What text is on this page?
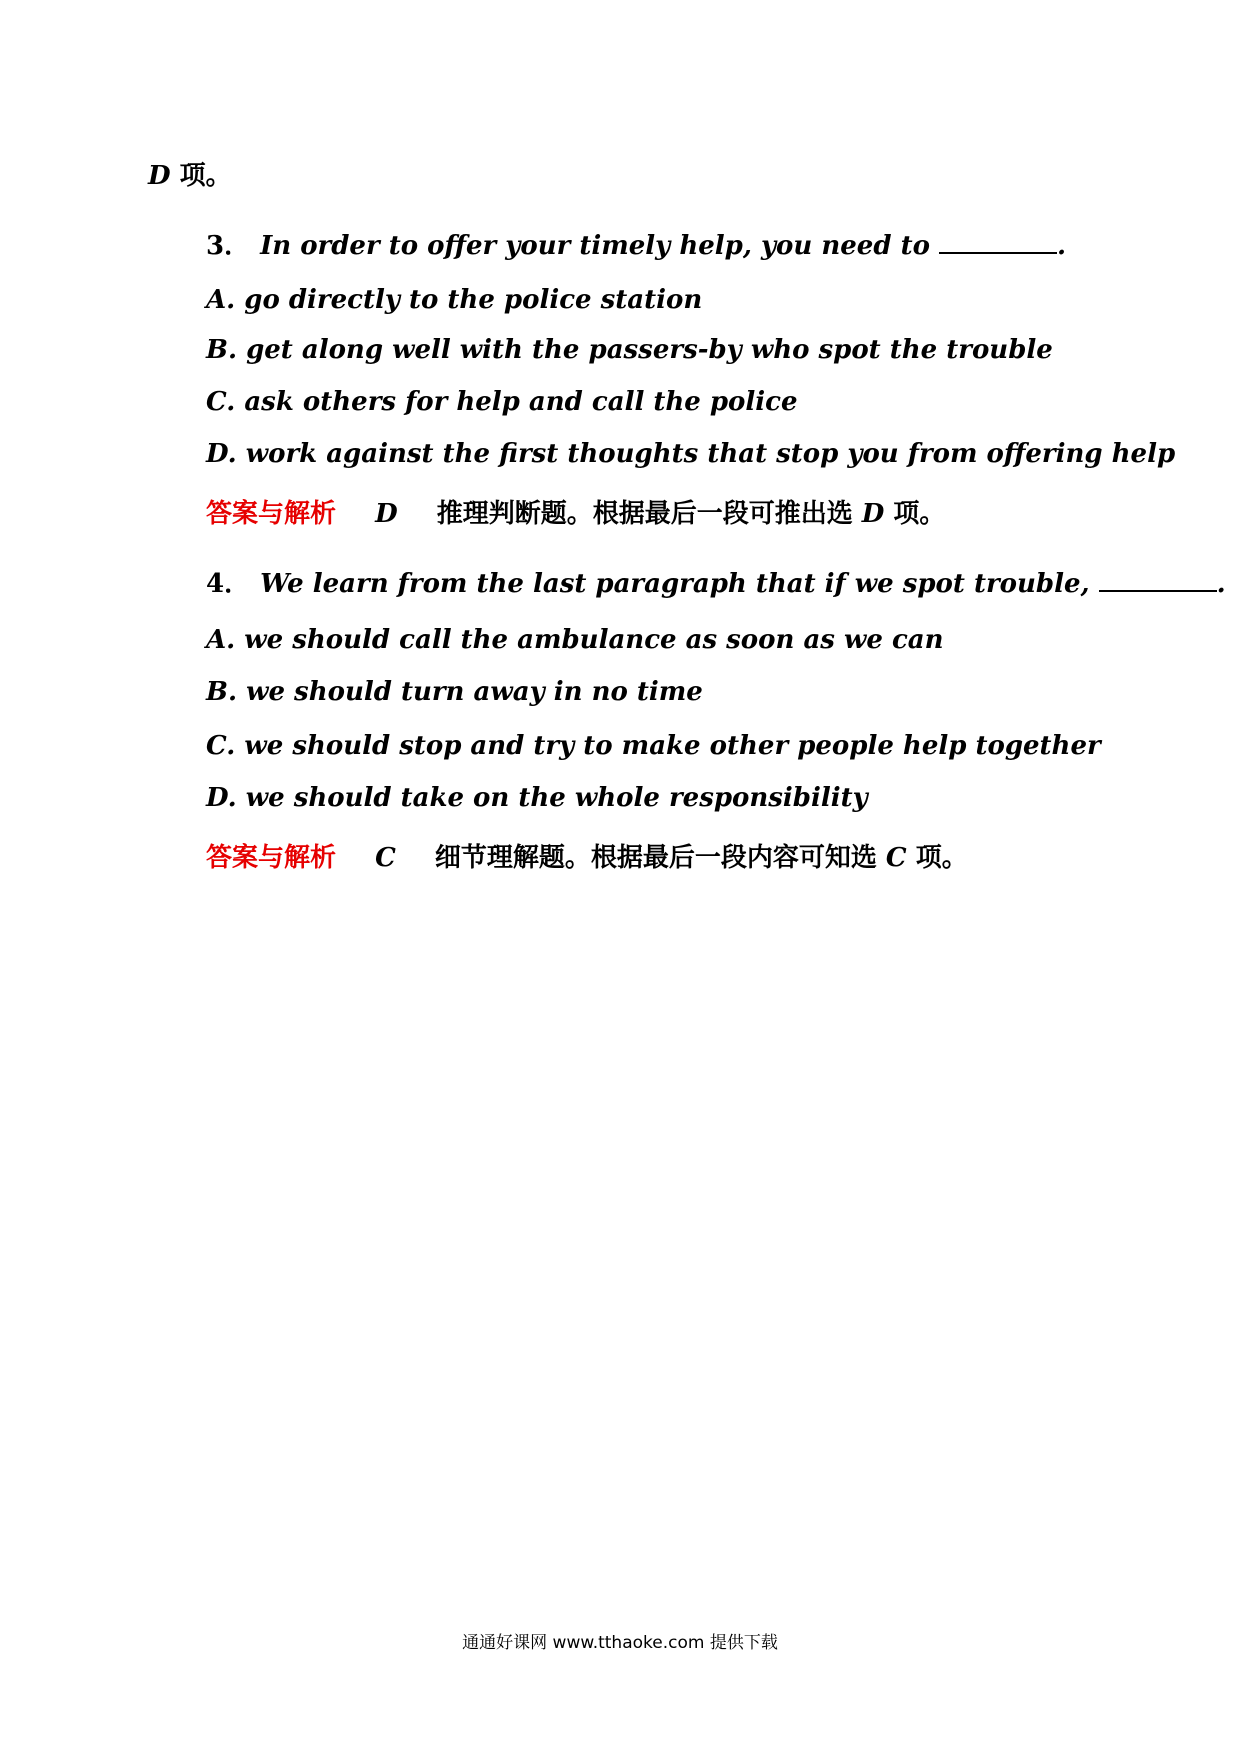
D 项。
3． In order to offer your timely help, you need to	.
A. go directly to the police station
B. get along well with the passers-by who spot the trouble
C. ask others for help and call the police
D. work against the first thoughts that stop you from offering help
答案与解析 D 推理判断题。根据最后一段可推出选 D 项。
4． We learn from the last paragraph that if we spot trouble,	.
A. we should call the ambulance as soon as we can
B. we should turn away in no time
C. we should stop and try to make other people help together
D. we should take on the whole responsibility
答案与解析 C 细节理解题。根据最后一段内容可知选 C 项。
通通好课网 www.tthaoke.com 提供下载
